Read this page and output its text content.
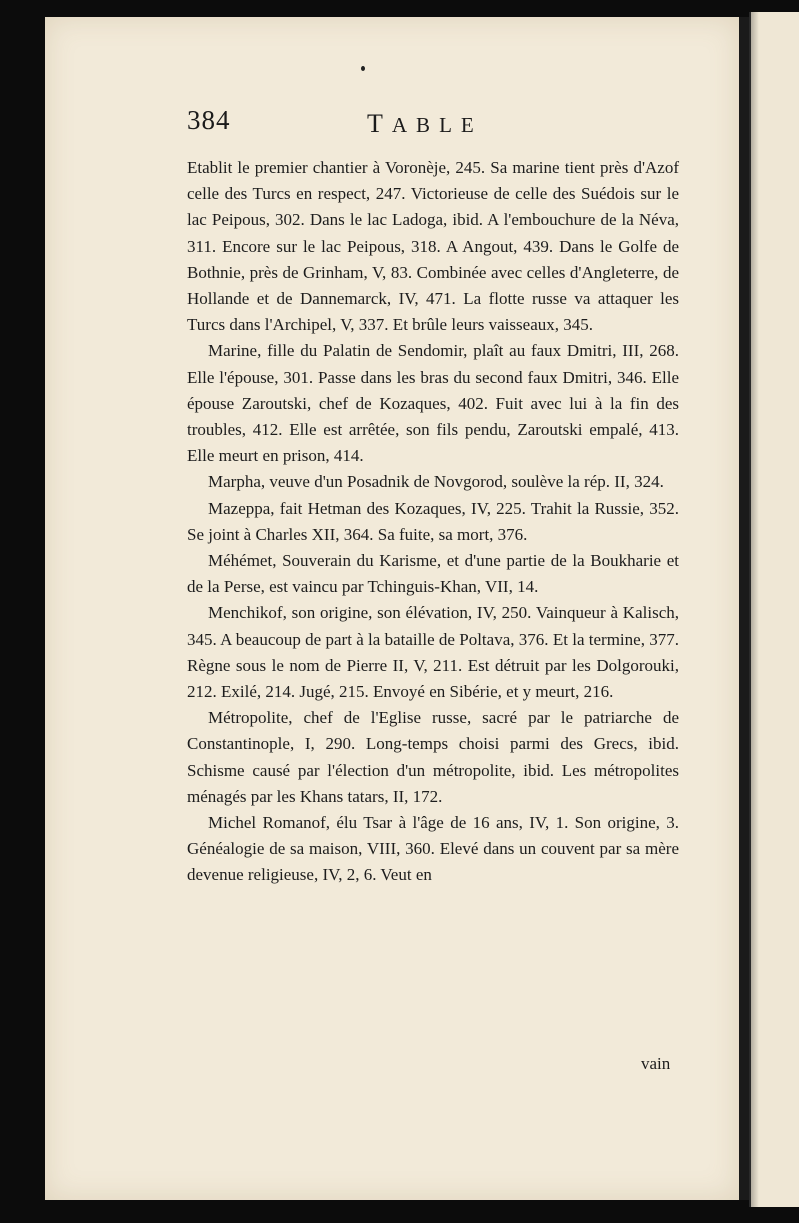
384	TABLE

Etablit le premier chantier à Voronèje, 245. Sa marine tient près d'Azof celle des Turcs en respect, 247. Victorieuse de celle des Suédois sur le lac Peipous, 302. Dans le lac Ladoga, ibid. A l'embouchure de la Néva, 311. Encore sur le lac Peipous, 318. A Angout, 439. Dans le Golfe de Bothnie, près de Grinham, V, 83. Combinée avec celles d'Angleterre, de Hollande et de Dannemarck, IV, 471. La flotte russe va attaquer les Turcs dans l'Archipel, V, 337. Et brûle leurs vaisseaux, 345.

Marine, fille du Palatin de Sendomir, plaît au faux Dmitri, III, 268. Elle l'épouse, 301. Passe dans les bras du second faux Dmitri, 346. Elle épouse Zaroutski, chef de Kozaques, 402. Fuit avec lui à la fin des troubles, 412. Elle est arrêtée, son fils pendu, Zaroutski empalé, 413. Elle meurt en prison, 414.

Marpha, veuve d'un Posadnik de Novgorod, soulève la rép. II, 324.

Mazeppa, fait Hetman des Kozaques, IV, 225. Trahit la Russie, 352. Se joint à Charles XII, 364. Sa fuite, sa mort, 376.

Méhémet, Souverain du Karisme, et d'une partie de la Boukharie et de la Perse, est vaincu par Tchinguis-Khan, VII, 14.

Menchikof, son origine, son élévation, IV, 250. Vainqueur à Kalisch, 345. A beaucoup de part à la bataille de Poltava, 376. Et la termine, 377. Règne sous le nom de Pierre II, V, 211. Est détruit par les Dolgorouki, 212. Exilé, 214. Jugé, 215. Envoyé en Sibérie, et y meurt, 216.

Métropolite, chef de l'Eglise russe, sacré par le patriarche de Constantinople, I, 290. Long-temps choisi parmi des Grecs, ibid. Schisme causé par l'élection d'un métropolite, ibid. Les métropolites ménagés par les Khans tatars, II, 172.

Michel Romanof, élu Tsar à l'âge de 16 ans, IV, 1. Son origine, 3. Généalogie de sa maison, VIII, 360. Elevé dans un couvent par sa mère devenue religieuse, IV, 2, 6. Veut en

vain
